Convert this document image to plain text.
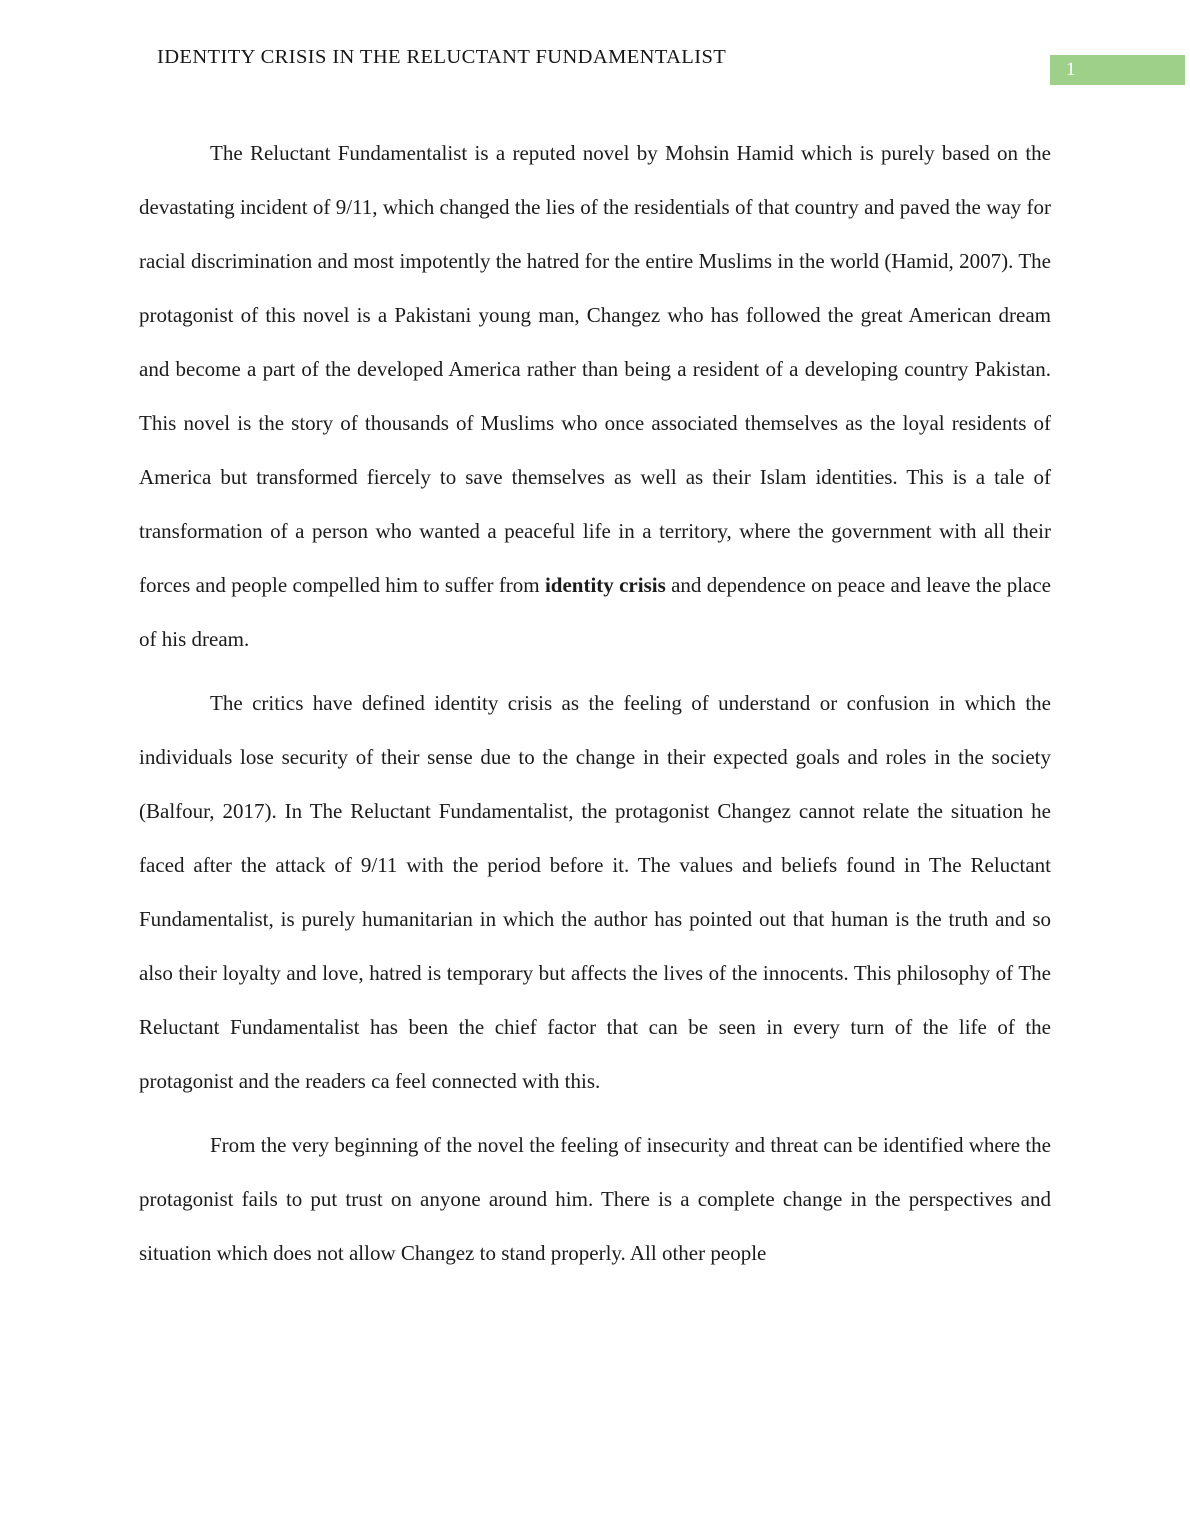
IDENTITY CRISIS IN THE RELUCTANT FUNDAMENTALIST
1

The Reluctant Fundamentalist is a reputed novel by Mohsin Hamid which is purely based on the devastating incident of 9/11, which changed the lies of the residentials of that country and paved the way for racial discrimination and most impotently the hatred for the entire Muslims in the world (Hamid, 2007). The protagonist of this novel is a Pakistani young man, Changez who has followed the great American dream and become a part of the developed America rather than being a resident of a developing country Pakistan. This novel is the story of thousands of Muslims who once associated themselves as the loyal residents of America but transformed fiercely to save themselves as well as their Islam identities. This is a tale of transformation of a person who wanted a peaceful life in a territory, where the government with all their forces and people compelled him to suffer from identity crisis and dependence on peace and leave the place of his dream.

The critics have defined identity crisis as the feeling of understand or confusion in which the individuals lose security of their sense due to the change in their expected goals and roles in the society (Balfour, 2017). In The Reluctant Fundamentalist, the protagonist Changez cannot relate the situation he faced after the attack of 9/11 with the period before it. The values and beliefs found in The Reluctant Fundamentalist, is purely humanitarian in which the author has pointed out that human is the truth and so also their loyalty and love, hatred is temporary but affects the lives of the innocents. This philosophy of The Reluctant Fundamentalist has been the chief factor that can be seen in every turn of the life of the protagonist and the readers ca feel connected with this.

From the very beginning of the novel the feeling of insecurity and threat can be identified where the protagonist fails to put trust on anyone around him. There is a complete change in the perspectives and situation which does not allow Changez to stand properly. All other people
